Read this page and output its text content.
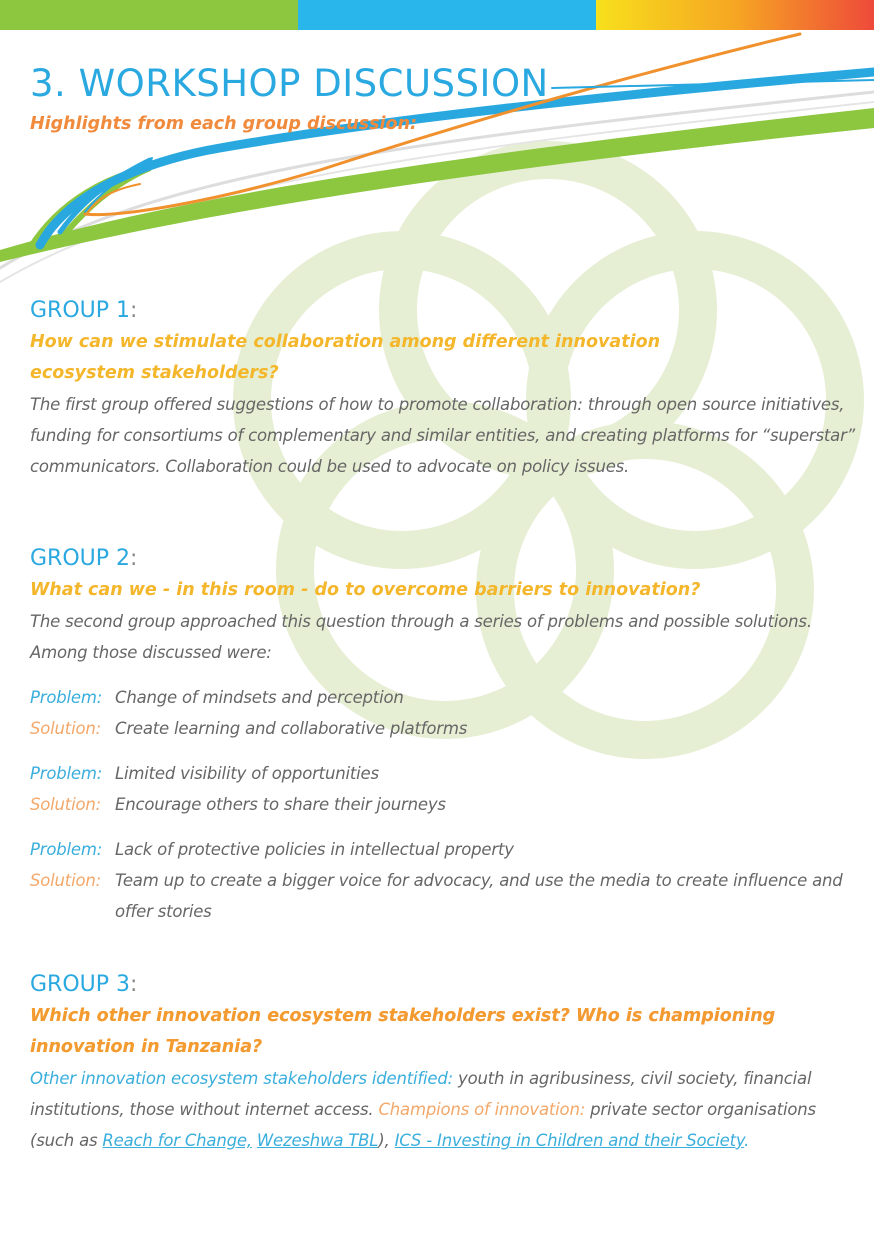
3. WORKSHOP DISCUSSION
Highlights from each group discussion:
GROUP 1:

How can we stimulate collaboration among different innovation
ecosystem stakeholders?

The first group offered suggestions of how to promote collaboration: through open source initiatives, funding for consortiums of complementary and similar entities, and creating platforms for “superstar” communicators. Collaboration could be used to advocate on policy issues.

GROUP 2:

What can we - in this room - do to overcome barriers to innovation?

The second group approached this question through a series of problems and possible solutions. Among those discussed were:

Problem: Change of mindsets and perception
Solution: Create learning and collaborative platforms
Problem: Limited visibility of opportunities
Solution: Encourage others to share their journeys
Problem: Lack of protective policies in intellectual property
Solution: Team up to create a bigger voice for advocacy, and use the media to create influence and offer stories
GROUP 3:

Which other innovation ecosystem stakeholders exist? Who is championing innovation in Tanzania?

Other innovation ecosystem stakeholders identified: youth in agribusiness, civil society, financial institutions, those without internet access. Champions of innovation: private sector organisations (such as Reach for Change, Wezeshwa TBL), ICS - Investing in Children and their Society.
